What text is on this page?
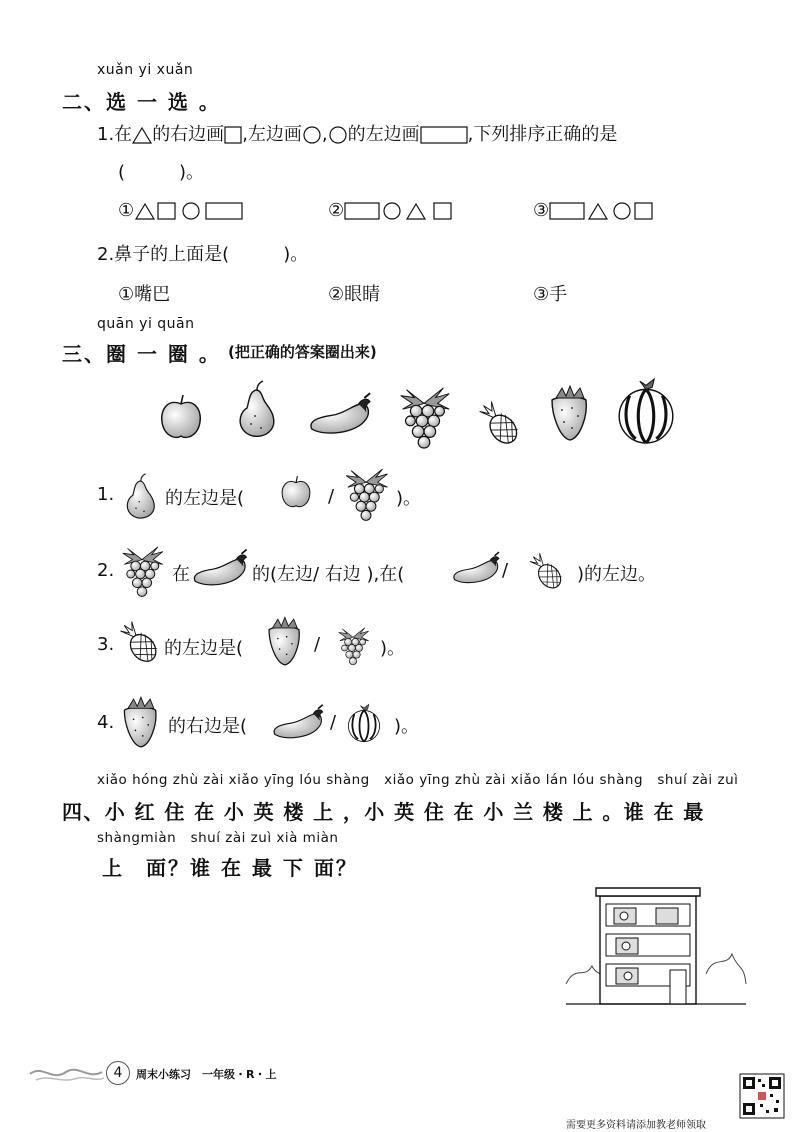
xuǎn yi xuǎn
二、选 一 选 。
1.在 的右边画 ,左边画 , 的左边画	,下列排序正确的是
(　　　)。
①	②	③
2.鼻子的上面是(　　　)。
①嘴巴	②眼睛	③手
quān yi quān
三、圈 一 圈 。 (把正确的答案圈出来)
1.	的左边是(	/	)。
2.	在	的(左边/ 右边 ),在(	/	)的左边。
3.	的左边是(	/	)。
4.	的右边是(	/	)。
xiǎo hóng zhù zài xiǎo yīng lóu shàng   xiǎo yīng zhù zài xiǎo lán lóu shàng   shuí zài zuì
四、小 红 住 在 小 英 楼 上 ，小 英 住 在 小 兰 楼 上 。谁 在 最
shàngmiàn   shuí zài zuì xià miàn
上　面？谁 在 最 下 面？
4	周末小练习　一年级・R・上
需要更多资料请添加教老师领取
